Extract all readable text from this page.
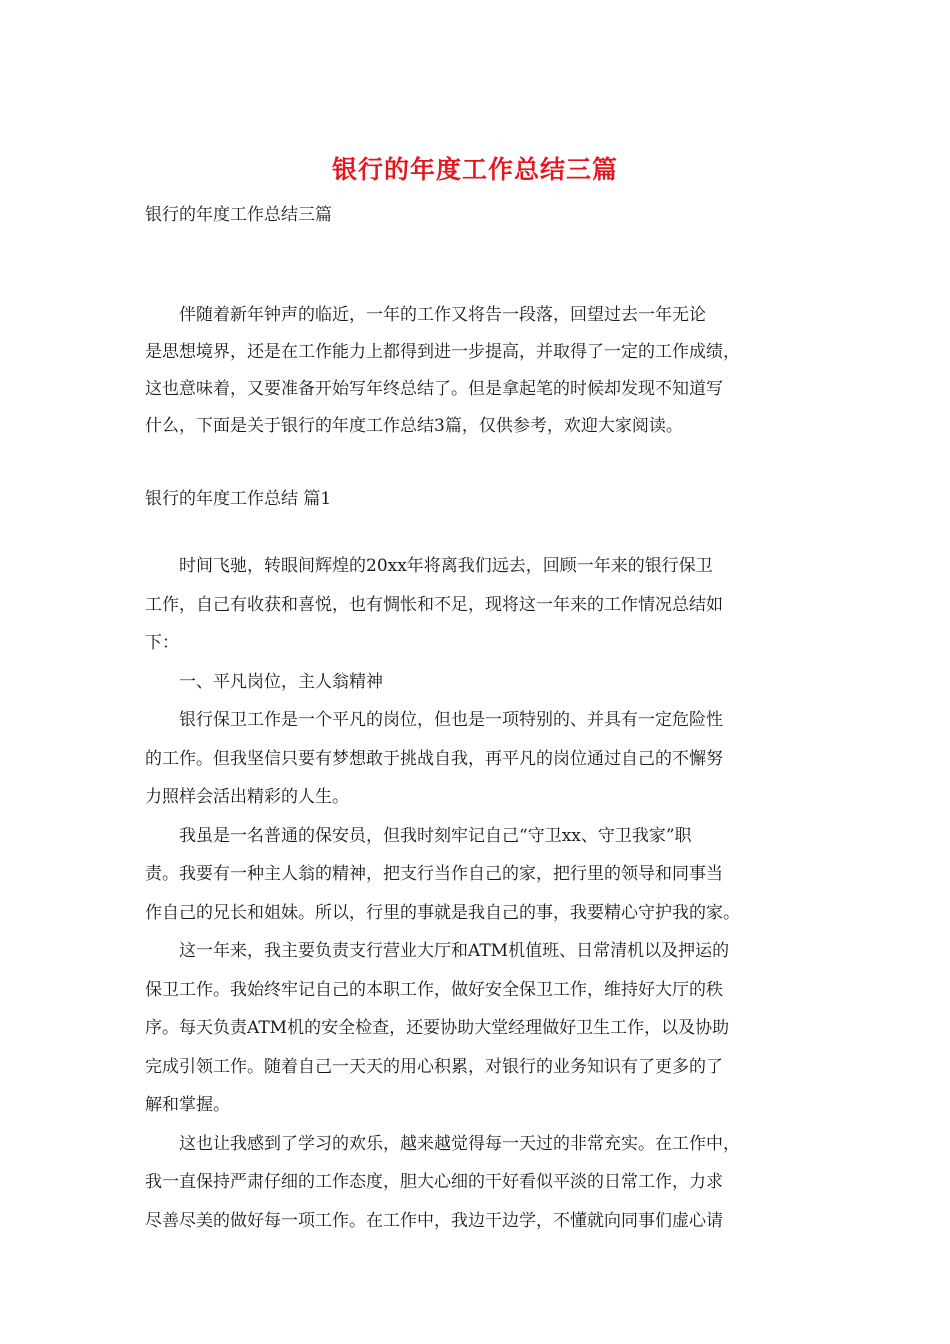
银行的年度工作总结三篇
银行的年度工作总结三篇
　　伴随着新年钟声的临近，一年的工作又将告一段落，回望过去一年无论
是思想境界，还是在工作能力上都得到进一步提高，并取得了一定的工作成绩，
这也意味着，又要准备开始写年终总结了。但是拿起笔的时候却发现不知道写
什么，下面是关于银行的年度工作总结3篇，仅供参考，欢迎大家阅读。
银行的年度工作总结 篇1
　　时间飞驰，转眼间辉煌的20xx年将离我们远去，回顾一年来的银行保卫
工作，自己有收获和喜悦，也有惆怅和不足，现将这一年来的工作情况总结如
下：
　　一、平凡岗位，主人翁精神
　　银行保卫工作是一个平凡的岗位，但也是一项特别的、并具有一定危险性
的工作。但我坚信只要有梦想敢于挑战自我，再平凡的岗位通过自己的不懈努
力照样会活出精彩的人生。
　　我虽是一名普通的保安员，但我时刻牢记自己“守卫xx、守卫我家”职
责。我要有一种主人翁的精神，把支行当作自己的家，把行里的领导和同事当
作自己的兄长和姐妹。所以，行里的事就是我自己的事，我要精心守护我的家。
　　这一年来，我主要负责支行营业大厅和ATM机值班、日常清机以及押运的
保卫工作。我始终牢记自己的本职工作，做好安全保卫工作，维持好大厅的秩
序。每天负责ATM机的安全检查，还要协助大堂经理做好卫生工作，以及协助
完成引领工作。随着自己一天天的用心积累，对银行的业务知识有了更多的了
解和掌握。
　　这也让我感到了学习的欢乐，越来越觉得每一天过的非常充实。在工作中，
我一直保持严肃仔细的工作态度，胆大心细的干好看似平淡的日常工作，力求
尽善尽美的做好每一项工作。在工作中，我边干边学，不懂就向同事们虚心请
